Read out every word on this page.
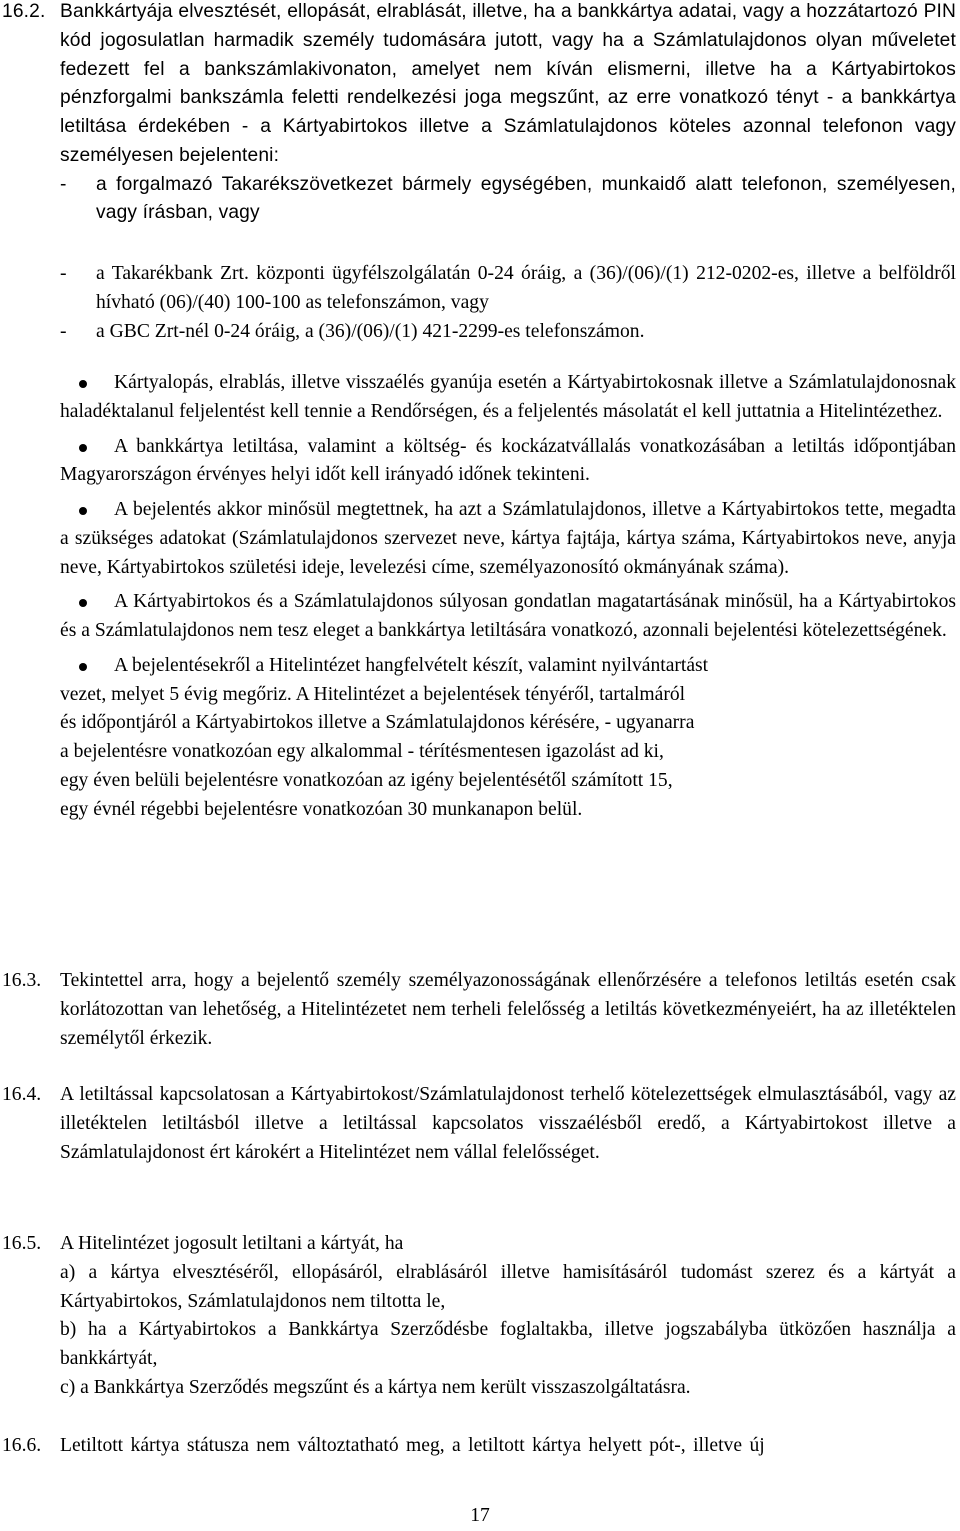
16.2. Bankkártyája elvesztését, ellopását, elrablását, illetve, ha a bankkártya adatai, vagy a hozzátartozó PIN kód jogosulatlan harmadik személy tudomására jutott, vagy ha a Számlatulajdonos olyan műveletet fedezett fel a bankszámlakivonaton, amelyet nem kíván elismerni, illetve ha a Kártyabirtokos pénzforgalmi bankszámla feletti rendelkezési joga megszűnt, az erre vonatkozó tényt - a bankkártya letiltása érdekében - a Kártyabirtokos illetve a Számlatulajdonos köteles azonnal telefonon vagy személyesen bejelenteni:

- a forgalmazó Takarékszövetkezet bármely egységében, munkaidő alatt telefonon, személyesen, vagy írásban, vagy
- a Takarékbank Zrt. központi ügyfélszolgálatán 0-24 óráig, a (36)/(06)/(1) 212-0202-es, illetve a belföldről hívható (06)/(40) 100-100 as telefonszámon, vagy
- a GBC Zrt-nél 0-24 óráig, a (36)/(06)/(1) 421-2299-es telefonszámon.

Kártyalopás, elrablás, illetve visszaélés gyanúja esetén a Kártyabirtokosnak illetve a Számlatulajdonosnak haladéktalanul feljelentést kell tennie a Rendőrségen, és a feljelentés másolatát el kell juttatnia a Hitelintézethez.

A bankkártya letiltása, valamint a költség- és kockázatvállalás vonatkozásában a letiltás időpontjában Magyarországon érvényes helyi időt kell irányadó időnek tekinteni.

A bejelentés akkor minősül megtettnek, ha azt a Számlatulajdonos, illetve a Kártyabirtokos tette, megadta a szükséges adatokat (Számlatulajdonos szervezet neve, kártya fajtája, kártya száma, Kártyabirtokos neve, anyja neve, Kártyabirtokos születési ideje, levelezési címe, személyazonosító okmányának száma).

A Kártyabirtokos és a Számlatulajdonos súlyosan gondatlan magatartásának minősül, ha a Kártyabirtokos és a Számlatulajdonos nem tesz eleget a bankkártya letiltására vonatkozó, azonnali bejelentési kötelezettségének.

A bejelentésekről a Hitelintézet hangfelvételt készít, valamint nyilvántartást
vezet, melyet 5 évig megőriz. A Hitelintézet a bejelentések tényéről, tartalmáról
és időpontjáról a Kártyabirtokos illetve a Számlatulajdonos kérésére, - ugyanarra
a bejelentésre vonatkozóan egy alkalommal - térítésmentesen igazolást ad ki,
egy éven belüli bejelentésre vonatkozóan az igény bejelentésétől számított 15,
egy évnél régebbi bejelentésre vonatkozóan 30 munkanapon belül.
16.3. Tekintettel arra, hogy a bejelentő személy személyazonosságának ellenőrzésére a telefonos letiltás esetén csak korlátozottan van lehetőség, a Hitelintézetet nem terheli felelősség a letiltás következményeiért, ha az illetéktelen személytől érkezik.

16.4. A letiltással kapcsolatosan a Kártyabirtokost/Számlatulajdonost terhelő kötelezettségek elmulasztásából, vagy az illetéktelen letiltásból illetve a letiltással kapcsolatos visszaélésből eredő, a Kártyabirtokost illetve a Számlatulajdonost ért károkért a Hitelintézet nem vállal felelősséget.

16.5. A Hitelintézet jogosult letiltani a kártyát, ha

a) a kártya elvesztéséről, ellopásáról, elrablásáról illetve hamisításáról tudomást szerez és a kártyát a Kártyabirtokos, Számlatulajdonos nem tiltotta le,

b) ha a Kártyabirtokos a Bankkártya Szerződésbe foglaltakba, illetve jogszabályba ütközően használja a bankkártyát,

c) a Bankkártya Szerződés megszűnt és a kártya nem került visszaszolgáltatásra.

16.6. Letiltott kártya státusza nem változtatható meg, a letiltott kártya helyett pót-, illetve új
17
